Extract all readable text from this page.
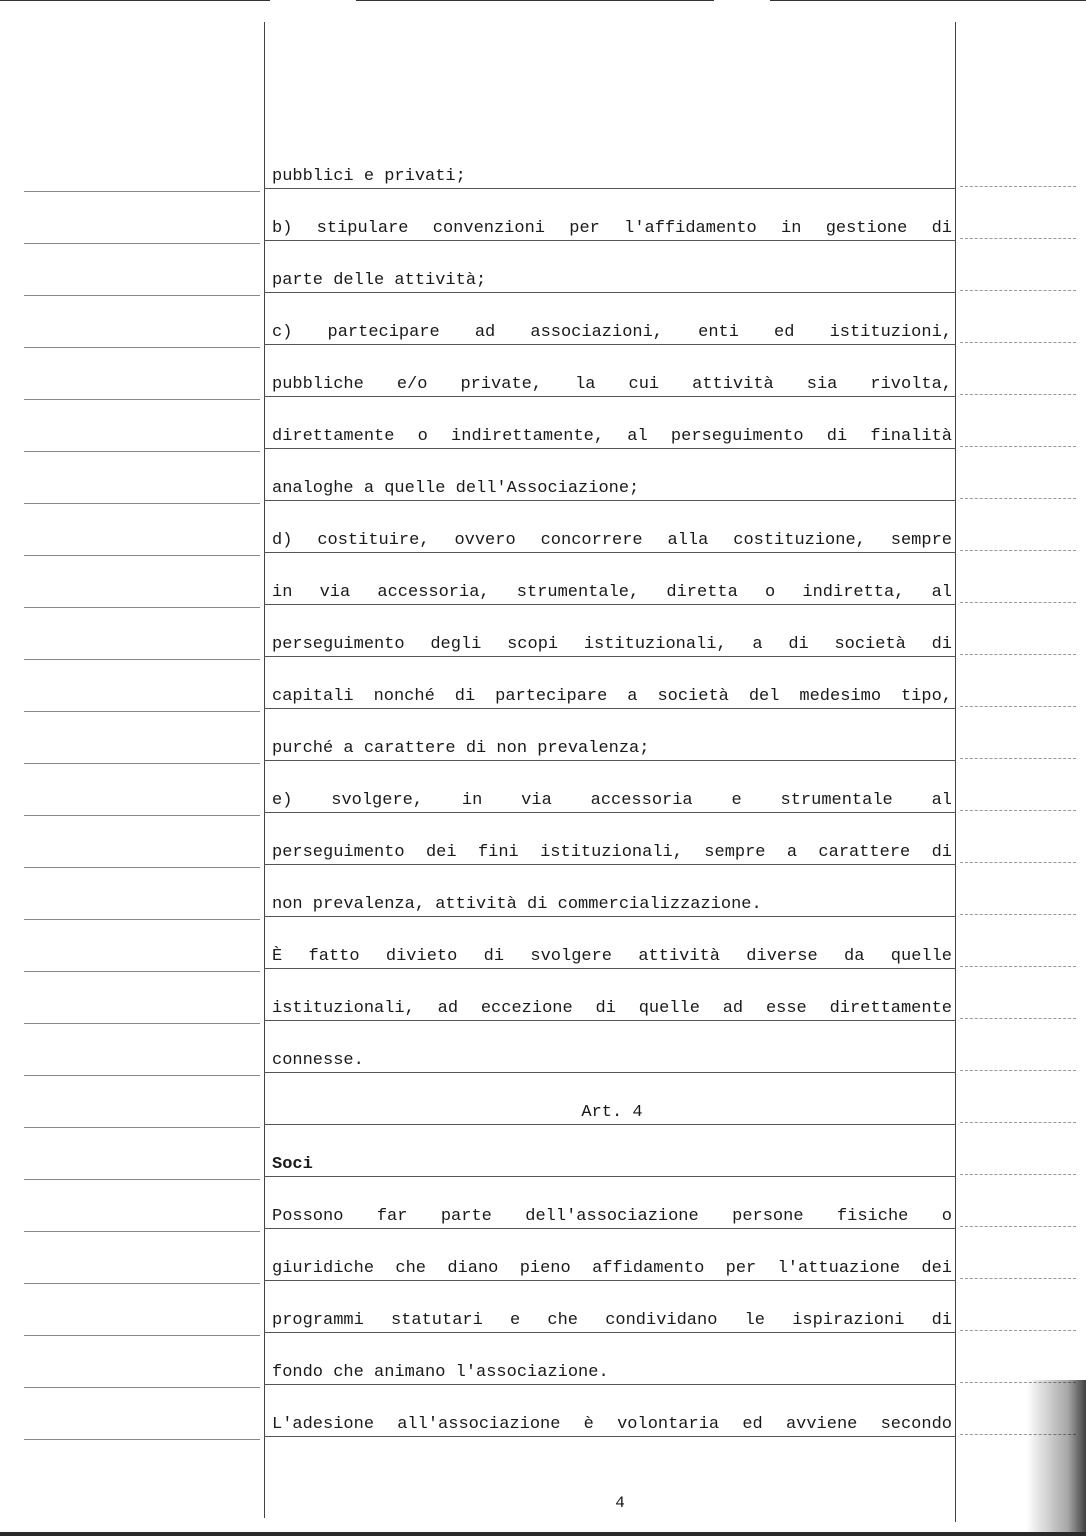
pubblici e privati;
b) stipulare convenzioni per l'affidamento in gestione di
parte delle attività;
c) partecipare ad associazioni, enti ed istituzioni,
pubbliche e/o private, la cui attività sia rivolta,
direttamente o indirettamente, al perseguimento di finalità
analoghe a quelle dell'Associazione;
d) costituire, ovvero concorrere alla costituzione, sempre
in via accessoria, strumentale, diretta o indiretta, al
perseguimento degli scopi istituzionali, a di società di
capitali nonché di partecipare a società del medesimo tipo,
purché a carattere di non prevalenza;
e) svolgere, in via accessoria e strumentale al
perseguimento dei fini istituzionali, sempre a carattere di
non prevalenza, attività di commercializzazione.
È fatto divieto di svolgere attività diverse da quelle
istituzionali, ad eccezione di quelle ad esse direttamente
connesse.
Art. 4
Soci
Possono far parte dell'associazione persone fisiche o
giuridiche che diano pieno affidamento per l'attuazione dei
programmi statutari e che condividano le ispirazioni di
fondo che animano l'associazione.
L'adesione all'associazione è volontaria ed avviene secondo
4
